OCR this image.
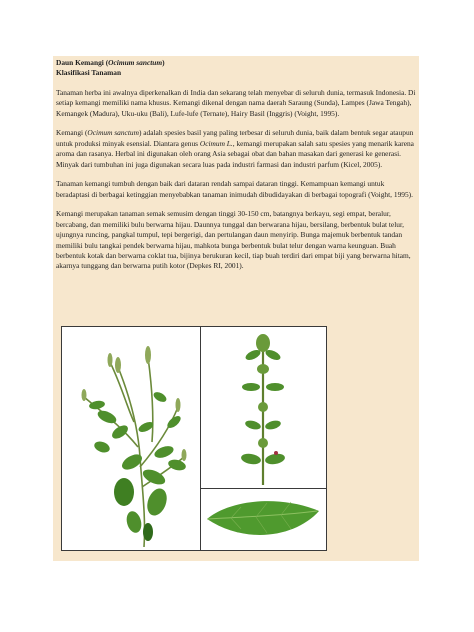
Daun Kemangi (Ocimum sanctum)
Klasifikasi Tanaman

Tanaman herba ini awalnya diperkenalkan di India dan sekarang telah menyebar di seluruh dunia, termasuk Indonesia. Di setiap kemangi memiliki nama khusus. Kemangi dikenal dengan nama daerah Saraung (Sunda), Lampes (Jawa Tengah), Kemangek (Madura), Uku-uku (Bali), Lufe-lufe (Ternate), Hairy Basil (Inggris) (Voight, 1995).

Kemangi (Ocimum sanctum) adalah spesies basil yang paling terbesar di seluruh dunia, baik dalam bentuk segar ataupun untuk produksi minyak esensial. Diantara genus Ocimum L., kemangi merupakan salah satu spesies yang menarik karena aroma dan rasanya. Herbal ini digunakan oleh orang Asia sebagai obat dan bahan masakan dari generasi ke generasi. Minyak dari tumbuhan ini juga digunakan secara luas pada industri farmasi dan industri parfum (Kicel, 2005).

Tanaman kemangi tumbuh dengan baik dari dataran rendah sampai dataran tinggi. Kemampuan kemangi untuk beradaptasi di berbagai ketinggian menyebabkan tanaman inimudah dibudidayakan di berbagai topografi (Voight, 1995).

Kemangi merupakan tanaman semak semusim dengan tinggi 30-150 cm, batangnya berkayu, segi empat, beralur, bercabang, dan memiliki bulu berwarna hijau. Daunnya tunggal dan berwarana hijau, bersilang, berbentuk bulat telur, ujungnya runcing, pangkal tumpul, tepi bergerigi, dan pertulangan daun menyirip. Bunga majemuk berbentuk tandan memiliki bulu tangkai pendek berwarna hijau, mahkota bunga berbentuk bulat telur dengan warna keunguan. Buah berbentuk kotak dan berwarna coklat tua, bijinya berukuran kecil, tiap buah terdiri dari empat biji yang berwarna hitam, akarnya tunggang dan berwarna putih kotor (Depkes RI, 2001).
